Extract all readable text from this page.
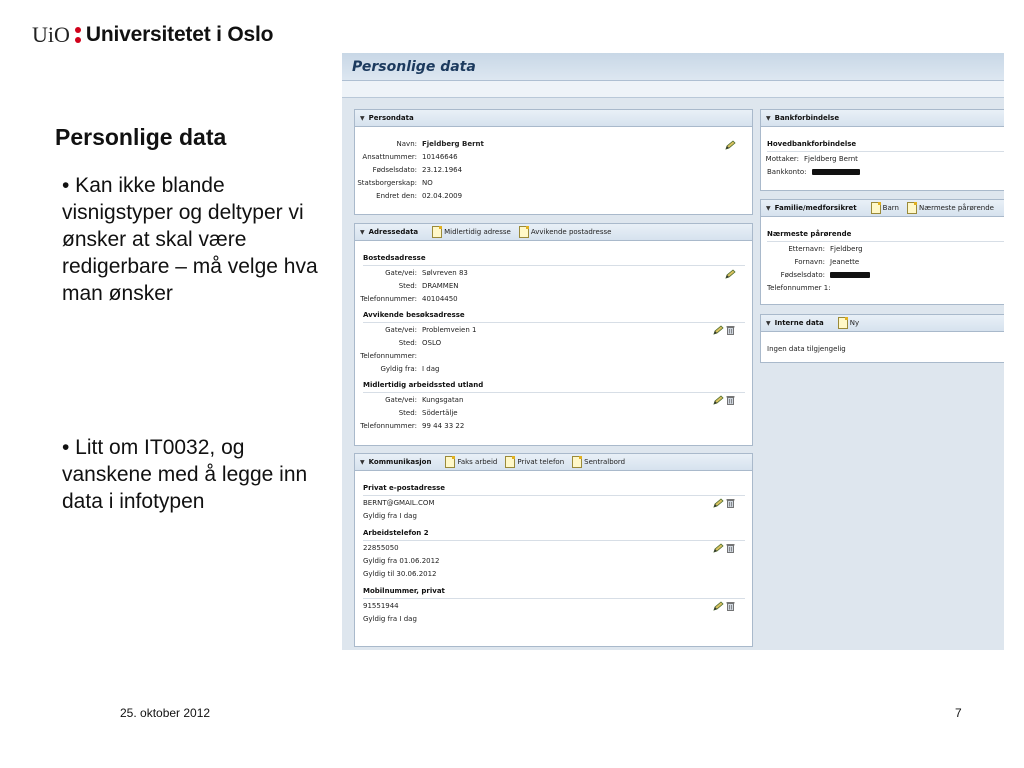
UiO Universitetet i Oslo
Personlige data
• Kan ikke blande visnigstyper og deltyper vi ønsker at skal være redigerbare – må velge hva man ønsker
• Litt om IT0032, og vanskene med å legge inn data i infotypen
25. oktober 2012	7
Personlige data
▼ Persondata
Navn: Fjeldberg Bernt
Ansattnummer: 10146646
Fødselsdato: 23.12.1964
Statsborgerskap: NO
Endret den: 02.04.2009
▼ Adressedata	Midlertidig adresse	Avvikende postadresse
Bostedsadresse
Gate/vei: Sølvreven 83
Sted: DRAMMEN
Telefonnummer: 40104450
Avvikende besøksadresse
Gate/vei: Problemveien 1
Sted: OSLO
Telefonnummer:
Gyldig fra: I dag
Midlertidig arbeidssted utland
Gate/vei: Kungsgatan
Sted: Södertälje
Telefonnummer: 99 44 33 22
▼ Kommunikasjon	Faks arbeid	Privat telefon	Sentralbord
Privat e-postadresse
BERNT@GMAIL.COM
Gyldig fra I dag
Arbeidstelefon 2
22855050
Gyldig fra 01.06.2012
Gyldig til 30.06.2012
Mobilnummer, privat
91551944
Gyldig fra I dag
▼ Bankforbindelse
Hovedbankforbindelse
Mottaker: Fjeldberg Bernt
Bankkonto:
▼ Familie/medforsikret	Barn	Nærmeste pårørende
Nærmeste pårørende
Etternavn: Fjeldberg
Fornavn: Jeanette
Fødselsdato:
Telefonnummer 1:
▼ Interne data	Ny
Ingen data tilgjengelig
